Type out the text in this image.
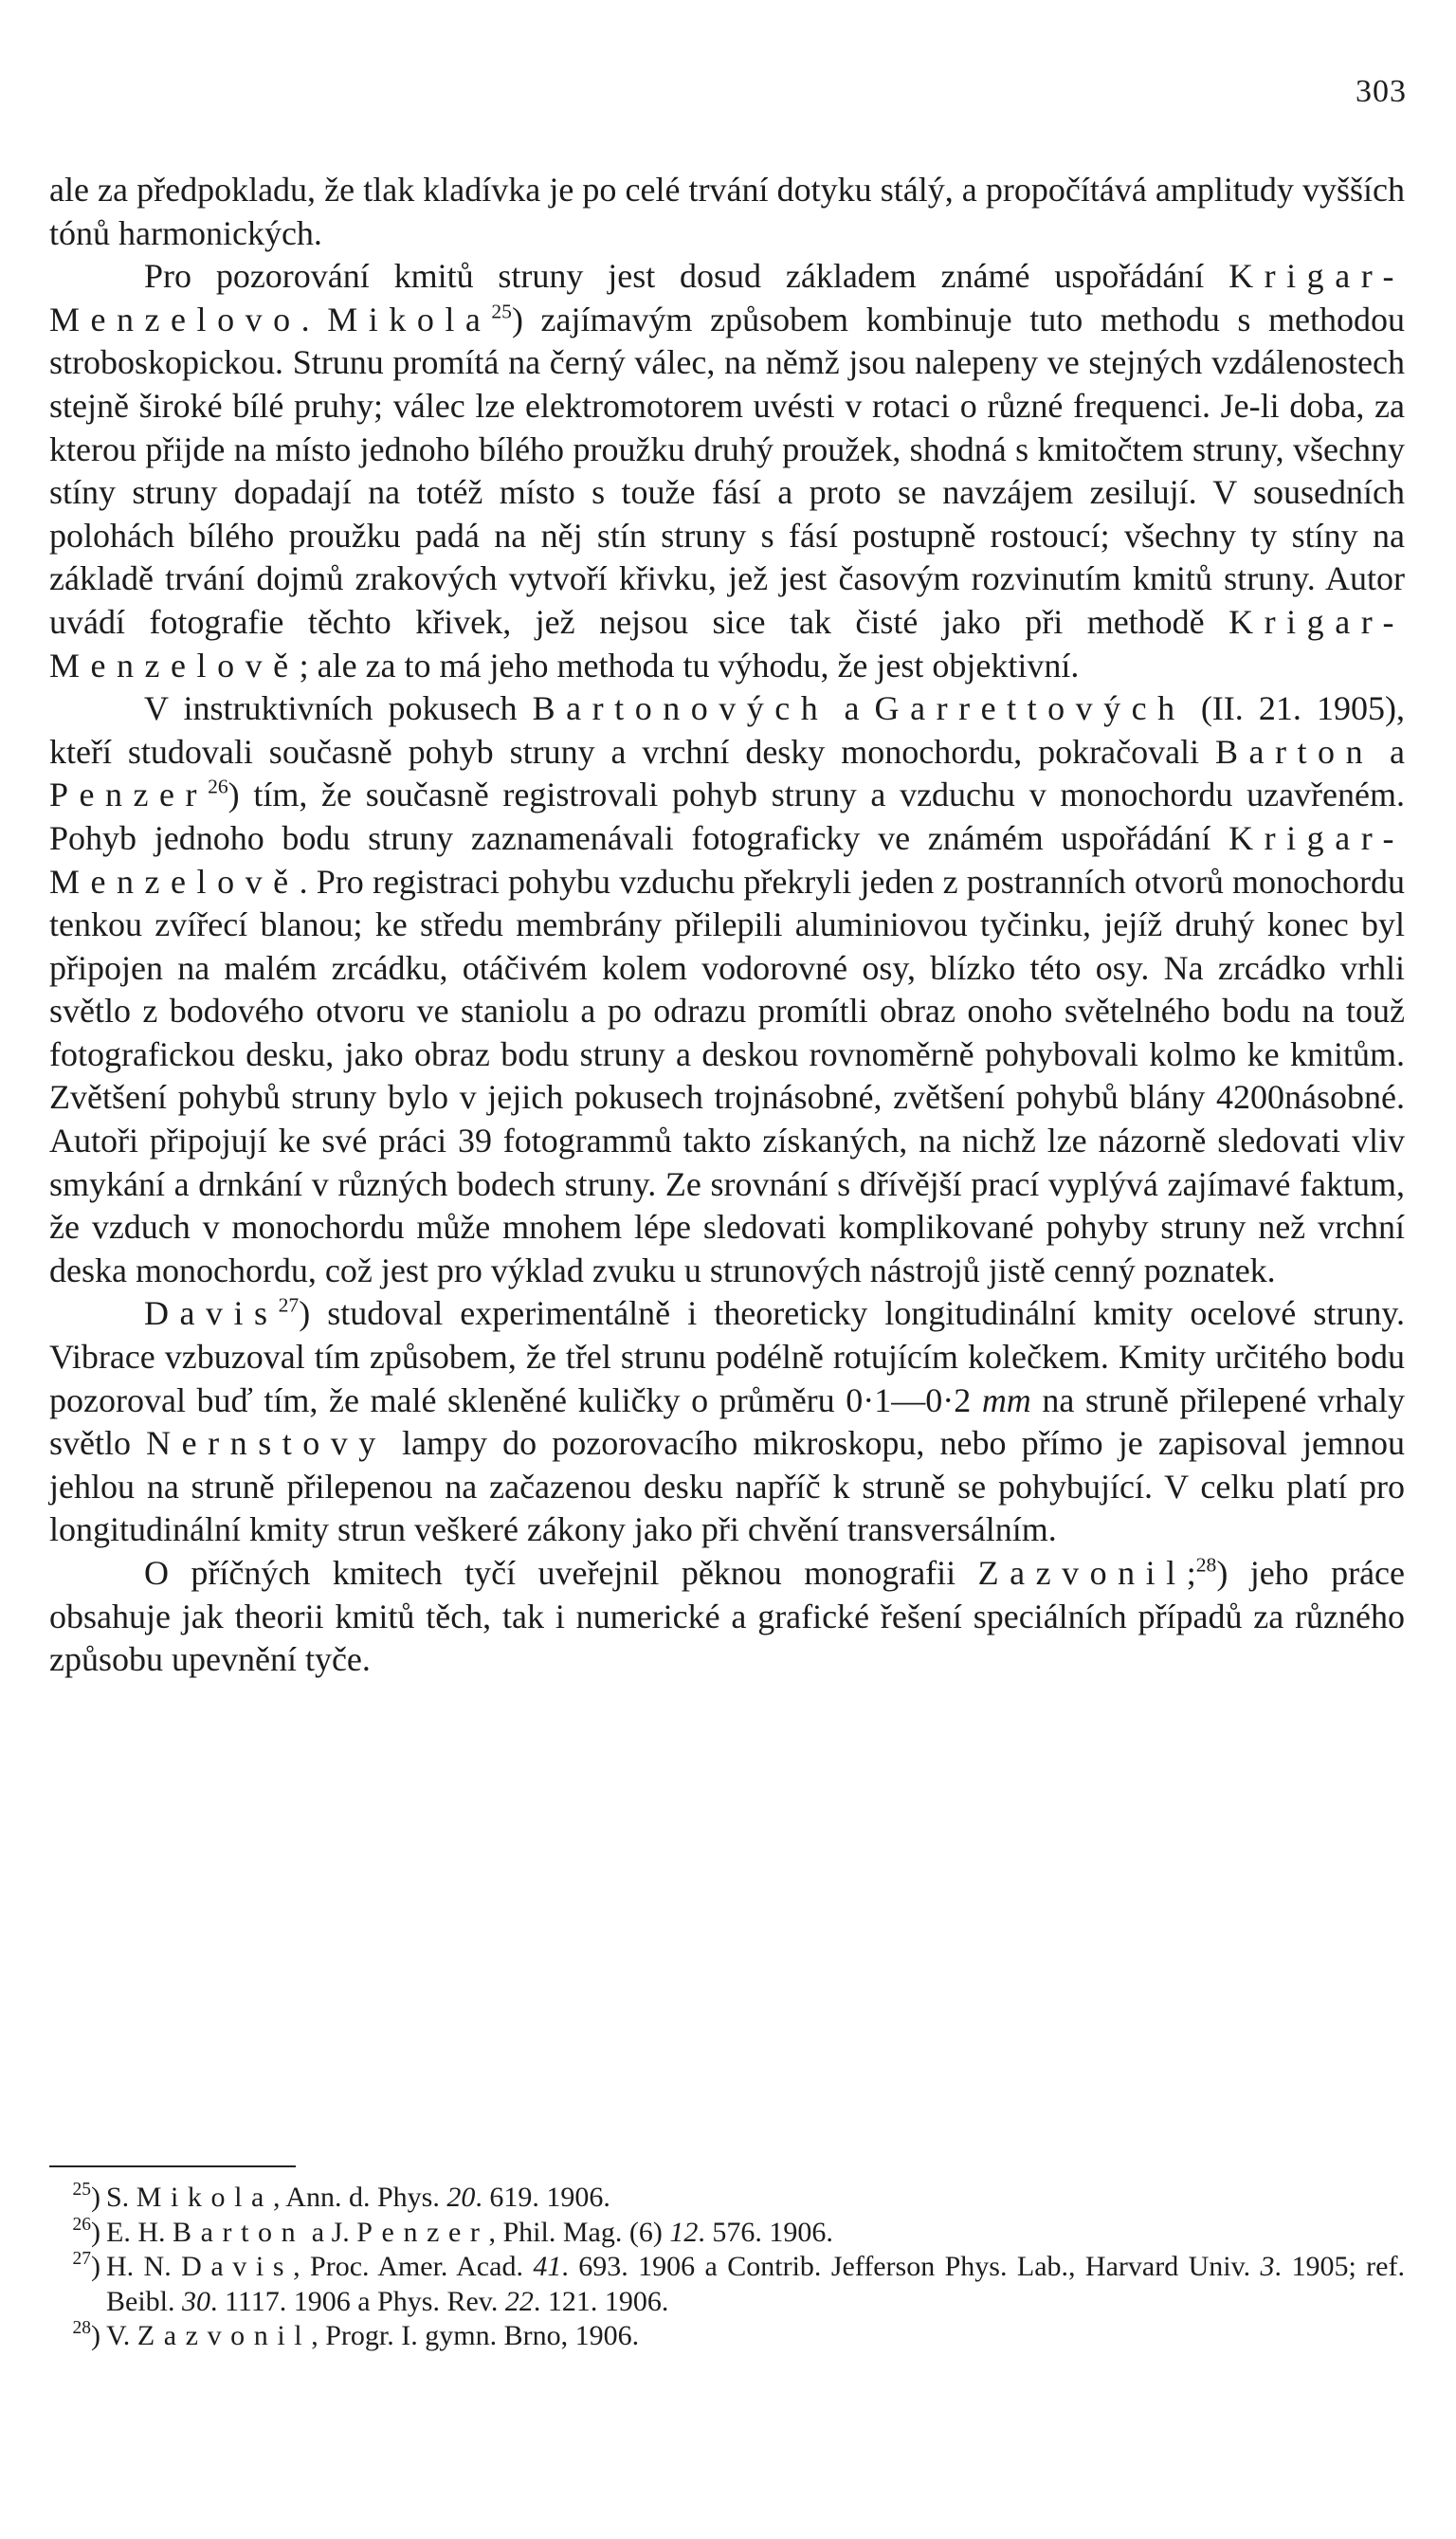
303

ale za předpokladu, že tlak kladívka je po celé trvání dotyku stálý, a propočítává amplitudy vyšších tónů harmonických.

Pro pozorování kmitů struny jest dosud základem známé uspořádání Krigar-Menzelovo. Mikola$^{25}$) zajímavým způsobem kombinuje tuto methodu s methodou stroboskopickou. Strunu promítá na černý válec, na němž jsou nalepeny ve stejných vzdálenostech stejně široké bílé pruhy; válec lze elektromotorem uvésti v rotaci o různé frequenci. Je-li doba, za kterou přijde na místo jednoho bílého proužku druhý proužek, shodná s kmitočtem struny, všechny stíny struny dopadají na totéž místo s touže fásí a proto se navzájem zesilují. V sousedních polohách bílého proužku padá na něj stín struny s fásí postupně rostoucí; všechny ty stíny na základě trvání dojmů zrakových vytvoří křivku, jež jest časovým rozvinutím kmitů struny. Autor uvádí fotografie těchto křivek, jež nejsou sice tak čisté jako při methodě Krigar-Menzelově; ale za to má jeho methoda tu výhodu, že jest objektivní.

V instruktivních pokusech Bartonových a Garrettových (II. 21. 1905), kteří studovali současně pohyb struny a vrchní desky monochordu, pokračovali Barton a Penzer$^{26}$) tím, že současně registrovali pohyb struny a vzduchu v monochordu uzavřeném. Pohyb jednoho bodu struny zaznamenávali fotograficky ve známém uspořádání Krigar-Menzelově. Pro registraci pohybu vzduchu překryli jeden z postranních otvorů monochordu tenkou zvířecí blanou; ke středu membrány přilepili aluminiovou tyčinku, jejíž druhý konec byl připojen na malém zrcádku, otáčivém kolem vodorovné osy, blízko této osy. Na zrcádko vrhli světlo z bodového otvoru ve staniolu a po odrazu promítli obraz onoho světelného bodu na touž fotografickou desku, jako obraz bodu struny a deskou rovnoměrně pohybovali kolmo ke kmitům. Zvětšení pohybů struny bylo v jejich pokusech trojnásobné, zvětšení pohybů blány 4200násobné. Autoři připojují ke své práci 39 fotogrammů takto získaných, na nichž lze názorně sledovati vliv smykání a drnkání v různých bodech struny. Ze srovnání s dřívější prací vyplývá zajímavé faktum, že vzduch v monochordu může mnohem lépe sledovati komplikované pohyby struny než vrchní deska monochordu, což jest pro výklad zvuku u strunových nástrojů jistě cenný poznatek.

Davis$^{27}$) studoval experimentálně i theoreticky longitudinální kmity ocelové struny. Vibrace vzbuzoval tím způsobem, že třel strunu podélně rotujícím kolečkem. Kmity určitého bodu pozoroval buď tím, že malé skleněné kuličky o průměru 0·1—0·2 mm na struně přilepené vrhaly světlo Nernstovy lampy do pozorovacího mikroskopu, nebo přímo je zapisoval jemnou jehlou na struně přilepenou na začazenou desku napříč k struně se pohybující. V celku platí pro longitudinální kmity strun veškeré zákony jako při chvění transversálním.

O příčných kmitech tyčí uveřejnil pěknou monografii Zazvonil;$^{28}$) jeho práce obsahuje jak theorii kmitů těch, tak i numerické a grafické řešení speciálních případů za různého způsobu upevnění tyče.

$^{25}$) S. Mikola, Ann. d. Phys. 20. 619. 1906.

$^{26}$) E. H. Barton a J. Penzer, Phil. Mag. (6) 12. 576. 1906.

$^{27}$) H. N. Davis, Proc. Amer. Acad. 41. 693. 1906 a Contrib. Jefferson Phys. Lab., Harvard Univ. 3. 1905; ref. Beibl. 30. 1117. 1906 a Phys. Rev. 22. 121. 1906.

$^{28}$) V. Zazvonil, Progr. I. gymn. Brno, 1906.
